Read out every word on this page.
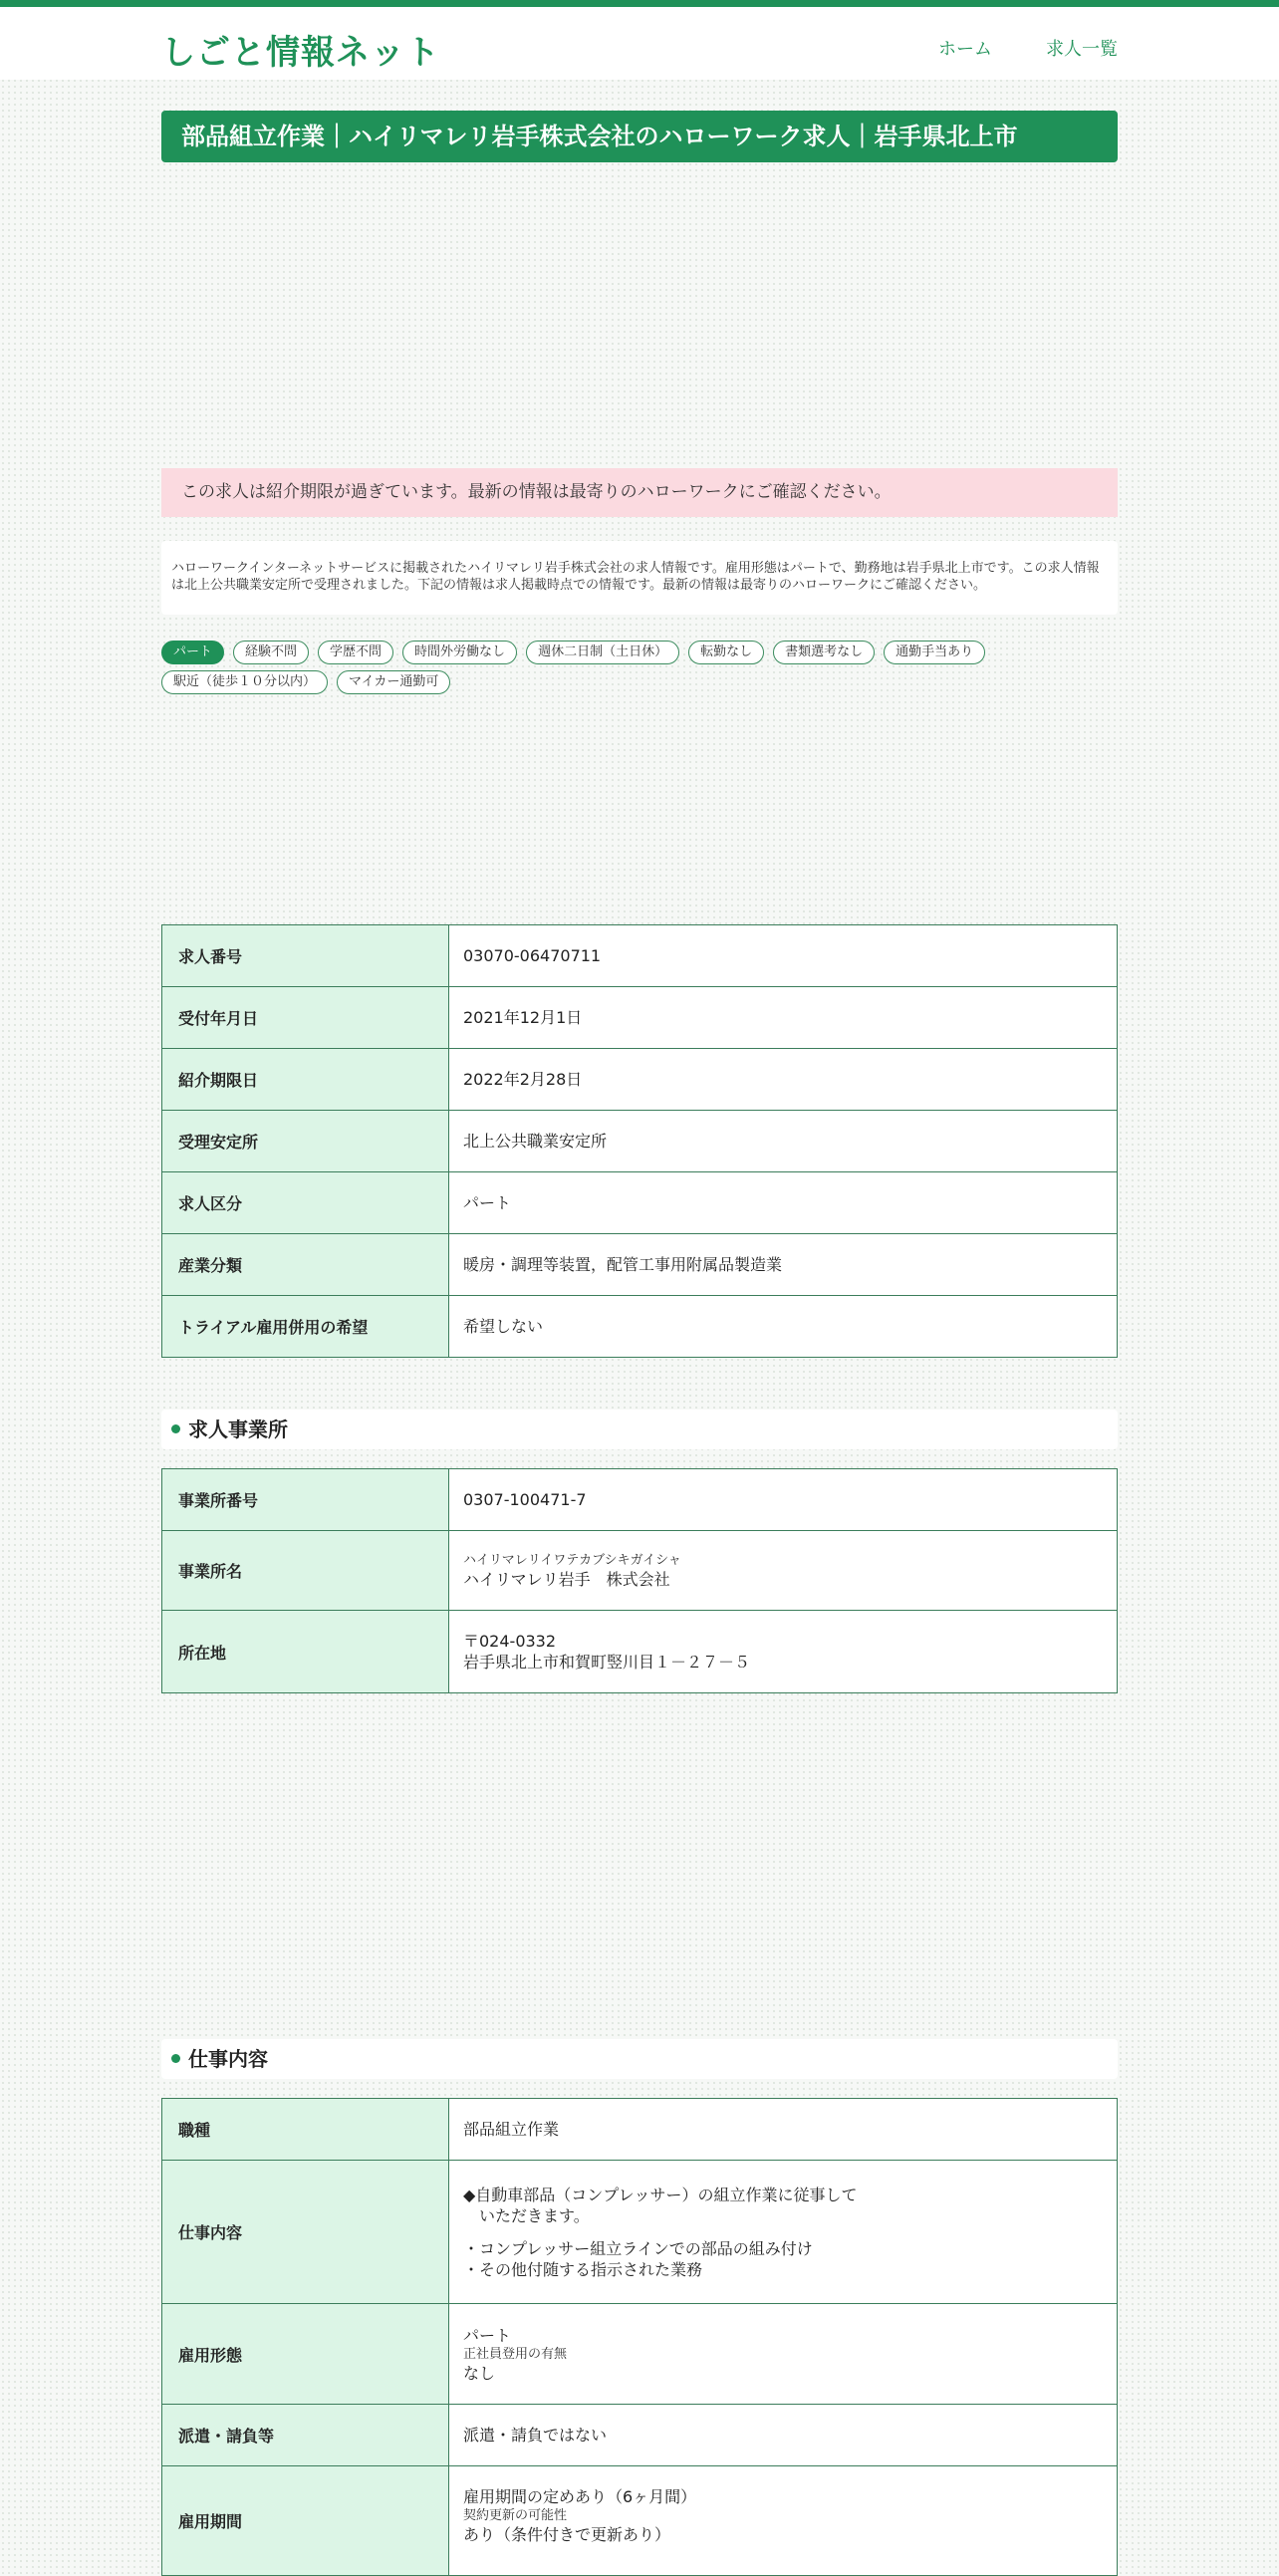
しごと情報ネット	ホーム	求人一覧
部品組立作業｜ハイリマレリ岩手株式会社のハローワーク求人｜岩手県北上市
この求人は紹介期限が過ぎています。最新の情報は最寄りのハローワークにご確認ください。
ハローワークインターネットサービスに掲載されたハイリマレリ岩手株式会社の求人情報です。雇用形態はパートで、勤務地は岩手県北上市です。この求人情報は北上公共職業安定所で受理されました。下記の情報は求人掲載時点での情報です。最新の情報は最寄りのハローワークにご確認ください。
パート	経験不問	学歴不問	時間外労働なし	週休二日制（土日休）	転勤なし	書類選考なし	通勤手当あり
駅近（徒歩１０分以内）	マイカー通勤可
求人番号	03070-06470711
受付年月日	2021年12月1日
紹介期限日	2022年2月28日
受理安定所	北上公共職業安定所
求人区分	パート
産業分類	暖房・調理等装置，配管工事用附属品製造業
トライアル雇用併用の希望	希望しない
求人事業所
事業所番号	0307-100471-7
事業所名	ハイリマレリイワテカブシキガイシャ
ハイリマレリ岩手　株式会社

所在地	〒024-0332
岩手県北上市和賀町竪川目１－２７－５
仕事内容
職種	部品組立作業
仕事内容	◆自動車部品（コンプレッサー）の組立作業に従事して
　いただきます。
・コンプレッサー組立ラインでの部品の組み付け
・その他付随する指示された業務

雇用形態	パート
正社員登用の有無
なし

派遣・請負等	派遣・請負ではない
雇用期間	雇用期間の定めあり（6ヶ月間）
契約更新の可能性
あり（条件付きで更新あり）
